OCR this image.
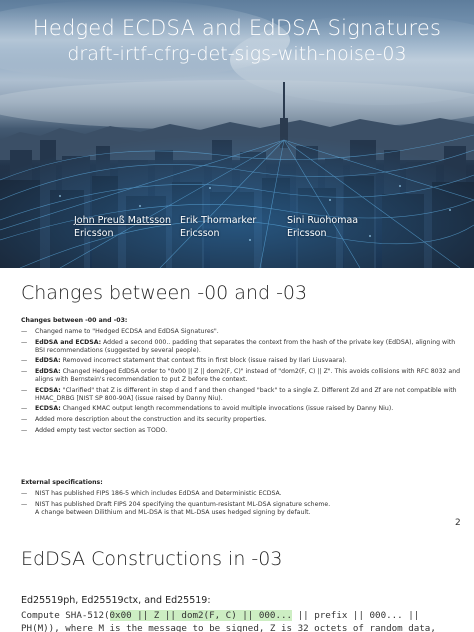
Hedged ECDSA and EdDSA Signatures
draft-irtf-cfrg-det-sigs-with-noise-03
John Preuß Mattsson
Ericsson
Erik Thormarker
Ericsson
Sini Ruohomaa
Ericsson
Changes between -00 and -03
Changes between -00 and -03:
— Changed name to "Hedged ECDSA and EdDSA Signatures".
— EdDSA and ECDSA: Added a second 000.. padding that separates the context from the hash of the private key (EdDSA), aligning with BSI recommendations (suggested by several people).
— EdDSA: Removed incorrect statement that context fits in first block (issue raised by Ilari Liusvaara).
— EdDSA: Changed Hedged EdDSA order to "0x00 || Z || dom2(F, C)" instead of "dom2(F, C) || Z". This avoids collisions with RFC 8032 and aligns with Bernstein's recommendation to put Z before the context.
— ECDSA: "Clarified" that Z is different in step d and f and then changed "back" to a single Z. Different Zd and Zf are not compatible with HMAC_DRBG [NIST SP 800-90A] (issue raised by Danny Niu).
— ECDSA: Changed KMAC output length recommendations to avoid multiple invocations (issue raised by Danny Niu).
— Added more description about the construction and its security properties.
— Added empty test vector section as TODO.
External specifications:
— NIST has published FIPS 186-5 which includes EdDSA and Deterministic ECDSA.
— NIST has published Draft FIPS 204 specifying the quantum-resistant ML-DSA signature scheme.
A change between Dilithium and ML-DSA is that ML-DSA uses hedged signing by default.
2
EdDSA Constructions in -03
Ed25519ph, Ed25519ctx, and Ed25519:
Compute SHA-512(0x00 || Z || dom2(F, C) || 000... || prefix || 000... ||
PH(M)), where M is the message to be signed, Z is 32 octets of random data,
